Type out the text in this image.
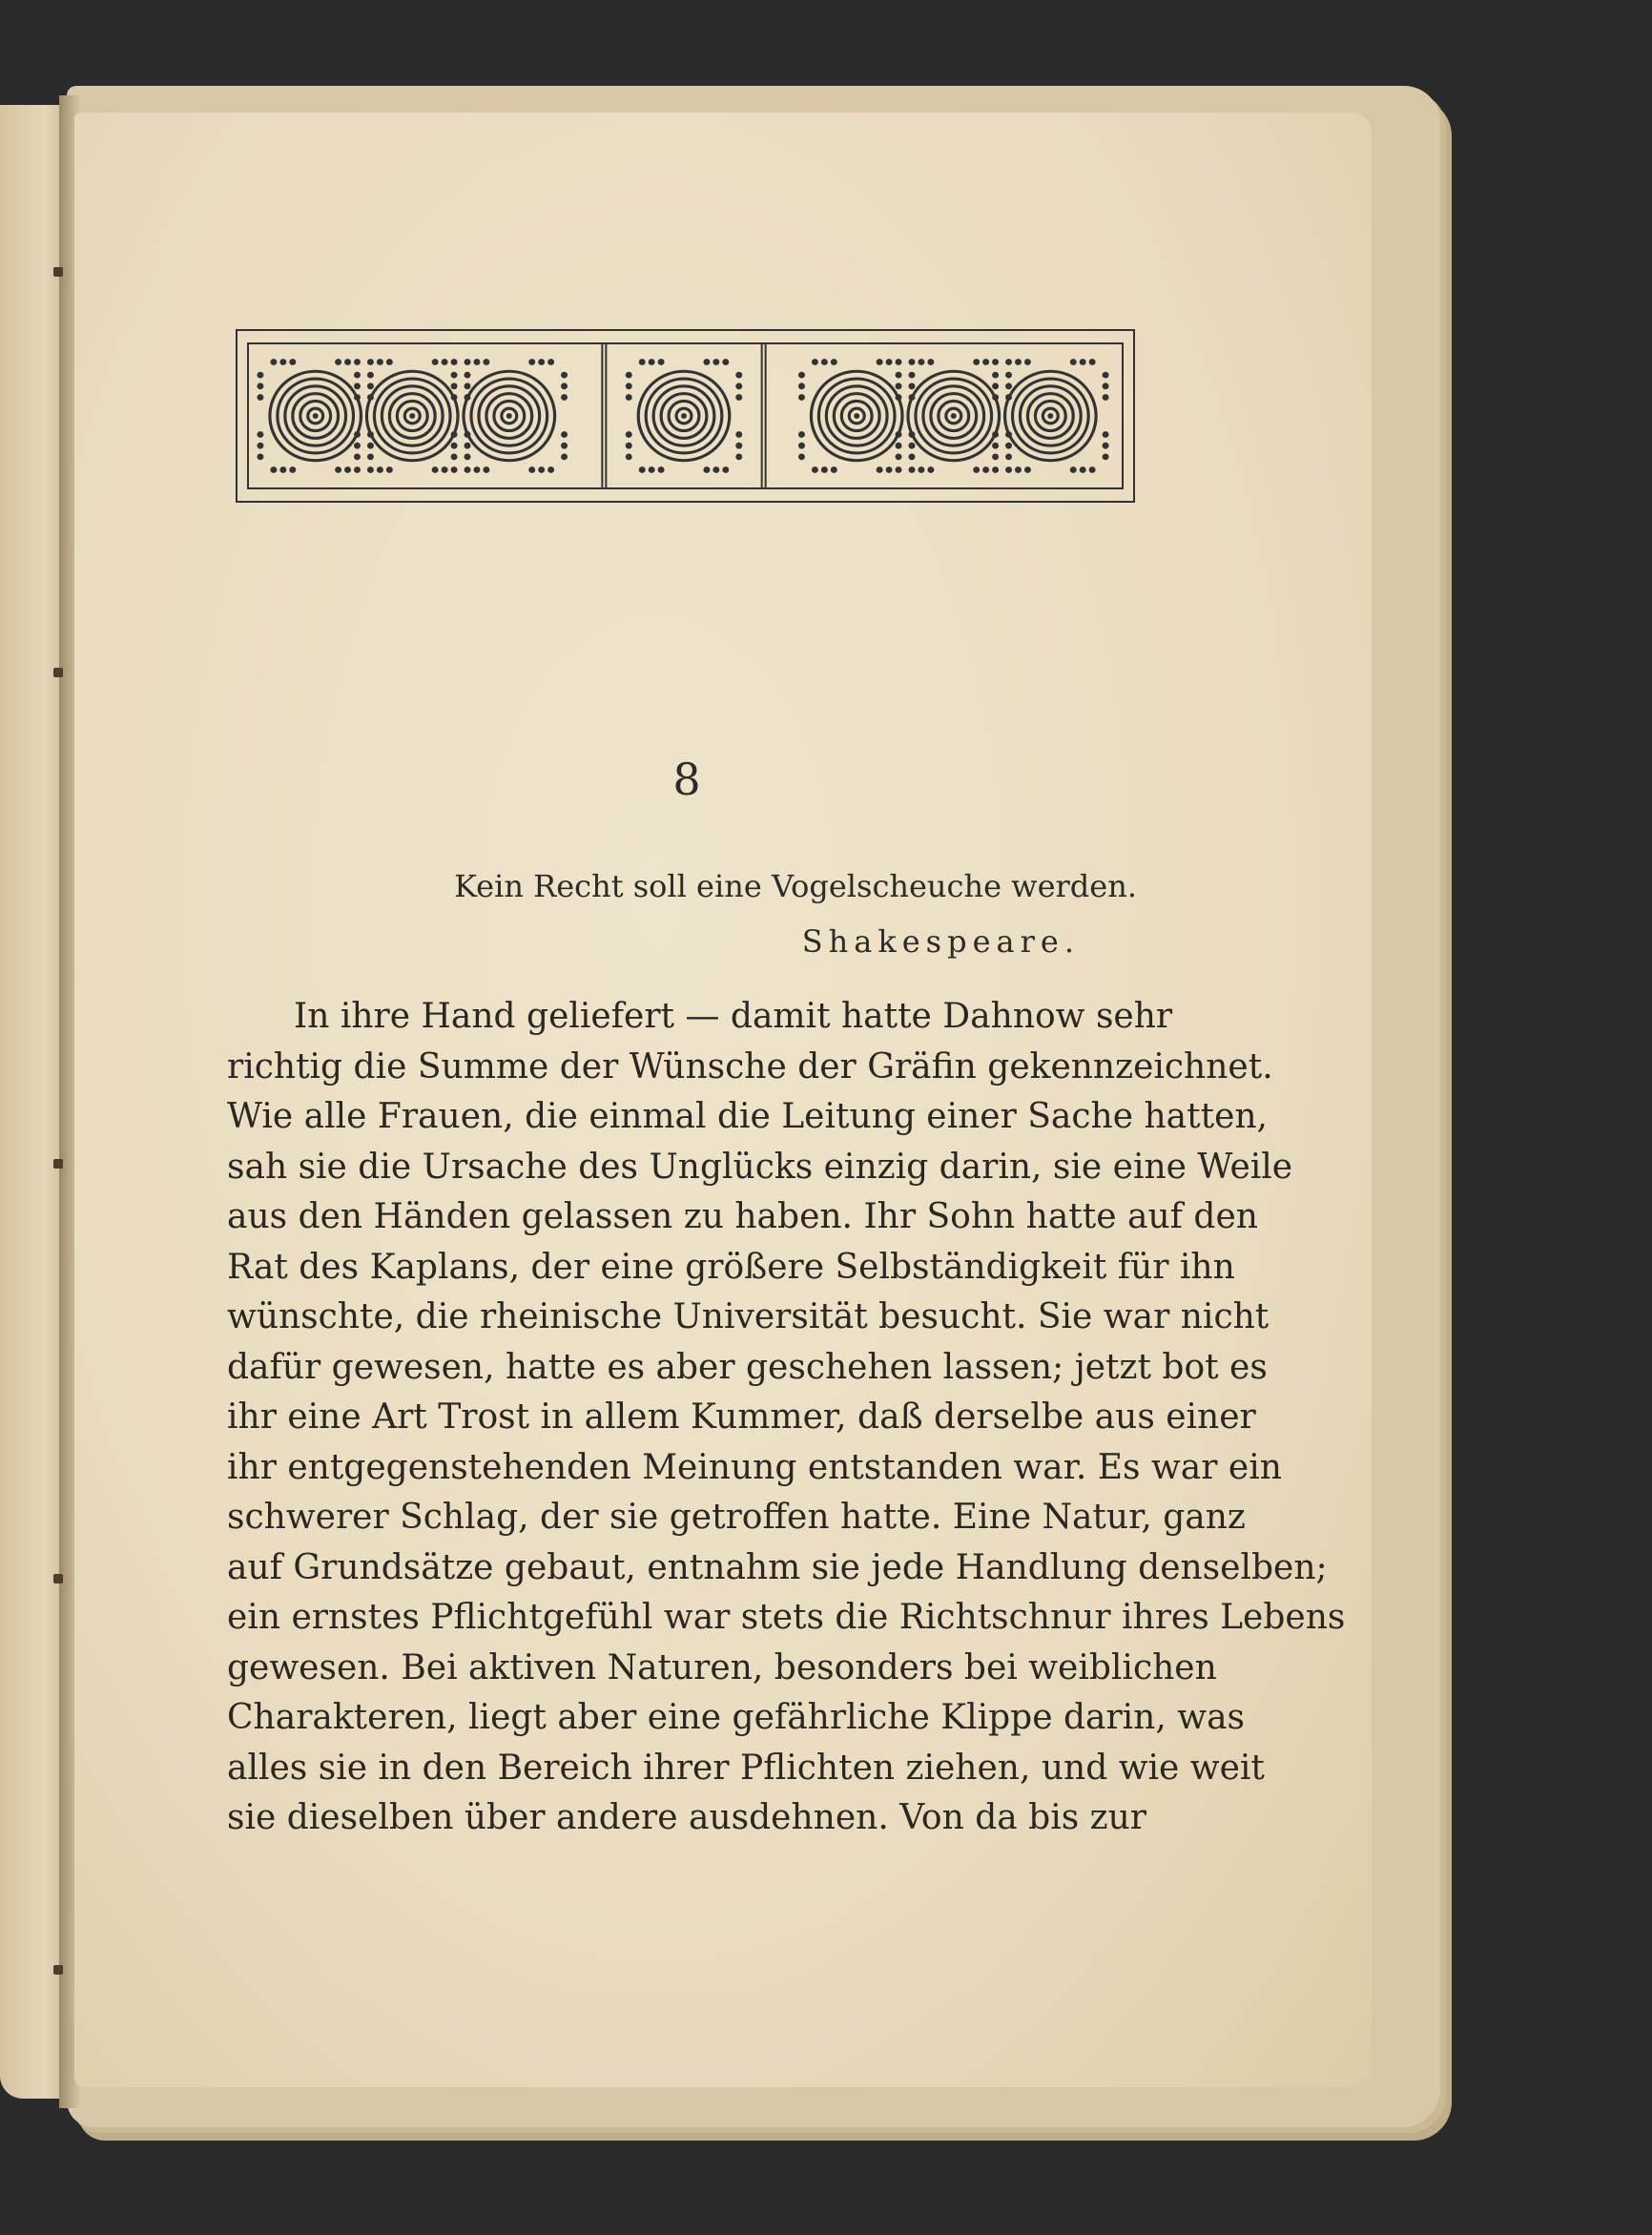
8
Kein Recht soll eine Vogelscheuche werden.
Shakespeare.
In ihre Hand geliefert — damit hatte Dahnow sehr
richtig die Summe der Wünsche der Gräfin gekennzeichnet.
Wie alle Frauen, die einmal die Leitung einer Sache hatten,
sah sie die Ursache des Unglücks einzig darin, sie eine Weile
aus den Händen gelassen zu haben. Ihr Sohn hatte auf den
Rat des Kaplans, der eine größere Selbständigkeit für ihn
wünschte, die rheinische Universität besucht. Sie war nicht
dafür gewesen, hatte es aber geschehen lassen; jetzt bot es
ihr eine Art Trost in allem Kummer, daß derselbe aus einer
ihr entgegenstehenden Meinung entstanden war. Es war ein
schwerer Schlag, der sie getroffen hatte. Eine Natur, ganz
auf Grundsätze gebaut, entnahm sie jede Handlung denselben;
ein ernstes Pflichtgefühl war stets die Richtschnur ihres Lebens
gewesen. Bei aktiven Naturen, besonders bei weiblichen
Charakteren, liegt aber eine gefährliche Klippe darin, was
alles sie in den Bereich ihrer Pflichten ziehen, und wie weit
sie dieselben über andere ausdehnen. Von da bis zur
